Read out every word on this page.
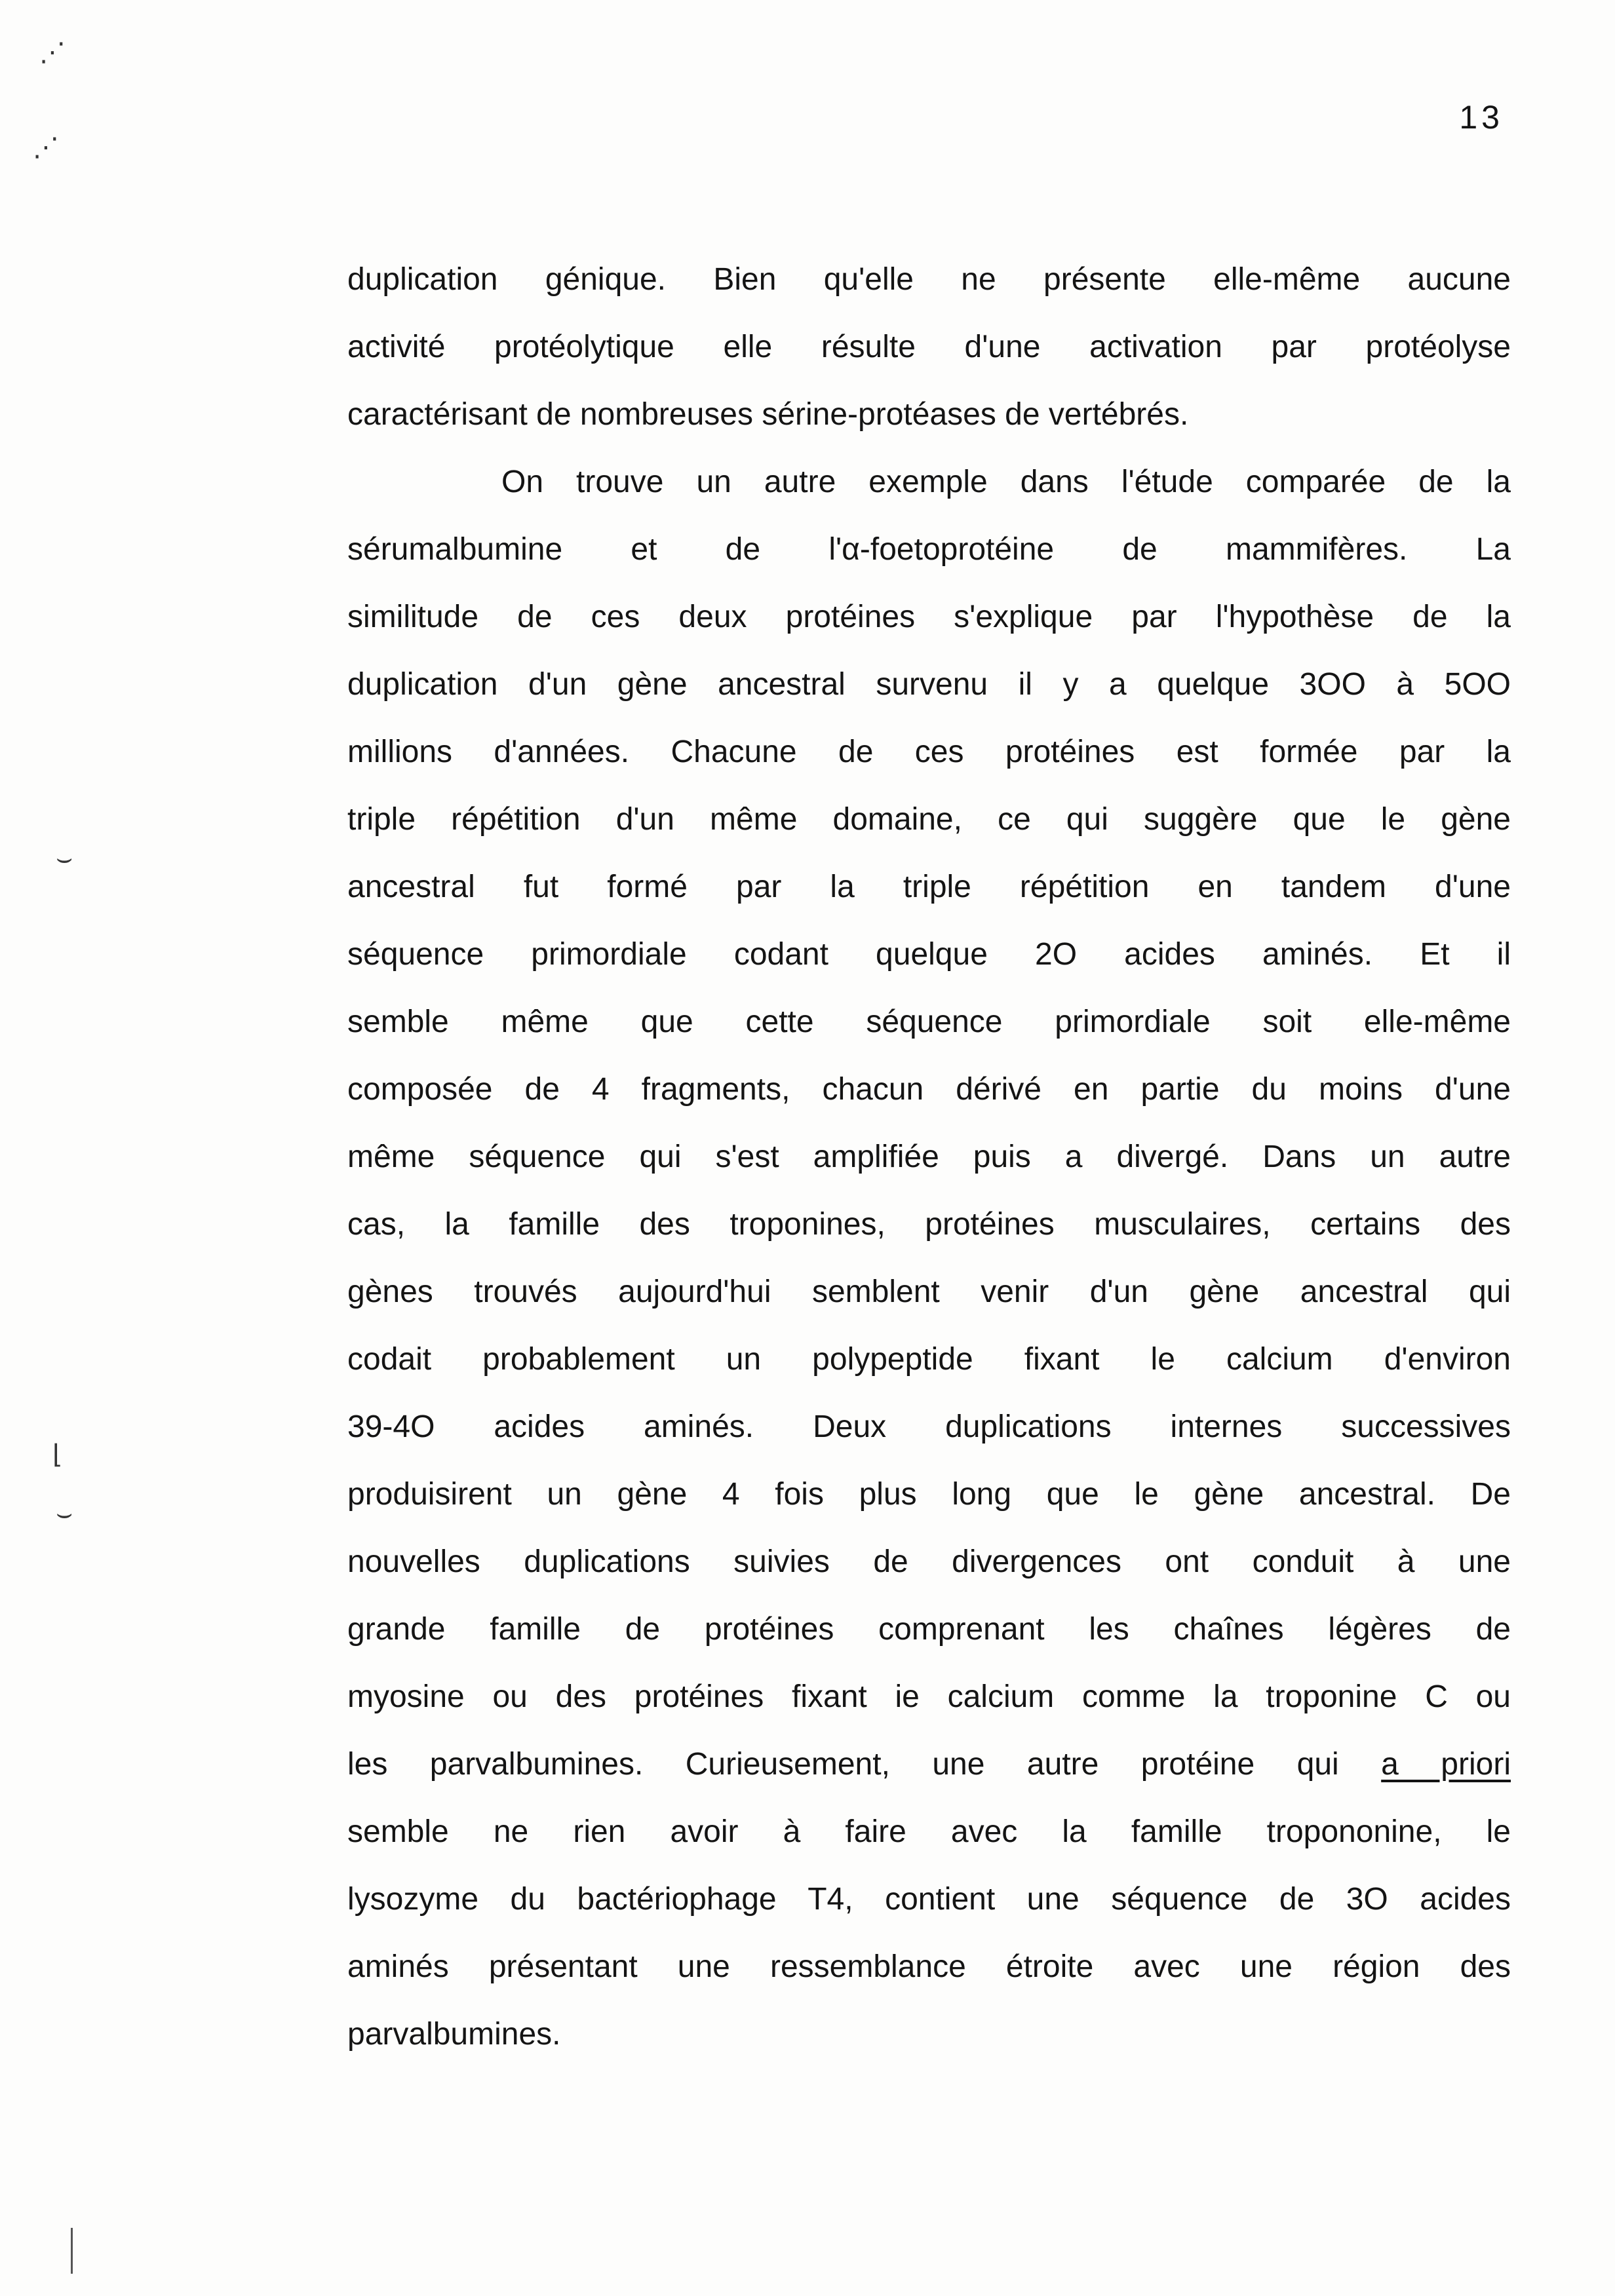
13
duplication génique. Bien qu'elle ne présente elle-même aucune
activité protéolytique elle résulte d'une activation par protéolyse
caractérisant de nombreuses sérine-protéases de vertébrés.
On trouve un autre exemple dans l'étude comparée de la
sérumalbumine et de l'α-foetoprotéine de mammifères. La
similitude de ces deux protéines s'explique par l'hypothèse de la
duplication d'un gène ancestral survenu il y a quelque 3OO à 5OO
millions d'années. Chacune de ces protéines est formée par la
triple répétition d'un même domaine, ce qui suggère que le gène
ancestral fut formé par la triple répétition en tandem d'une
séquence primordiale codant quelque 2O acides aminés. Et il
semble même que cette séquence primordiale soit elle-même
composée de 4 fragments, chacun dérivé en partie du moins d'une
même séquence qui s'est amplifiée puis a divergé. Dans un autre
cas, la famille des troponines, protéines musculaires, certains des
gènes trouvés aujourd'hui semblent venir d'un gène ancestral qui
codait probablement un polypeptide fixant le calcium d'environ
39-4O acides aminés. Deux duplications internes successives
produisirent un gène 4 fois plus long que le gène ancestral. De
nouvelles duplications suivies de divergences ont conduit à une
grande famille de protéines comprenant les chaînes légères de
myosine ou des protéines fixant ie calcium comme la troponine C ou
les parvalbumines. Curieusement, une autre protéine qui a priori
semble ne rien avoir à faire avec la famille tropononine, le
lysozyme du bactériophage T4, contient une séquence de 3O acides
aminés présentant une ressemblance étroite avec une région des
parvalbumines.
⋰
⋰
⌣
⌊
⌣
